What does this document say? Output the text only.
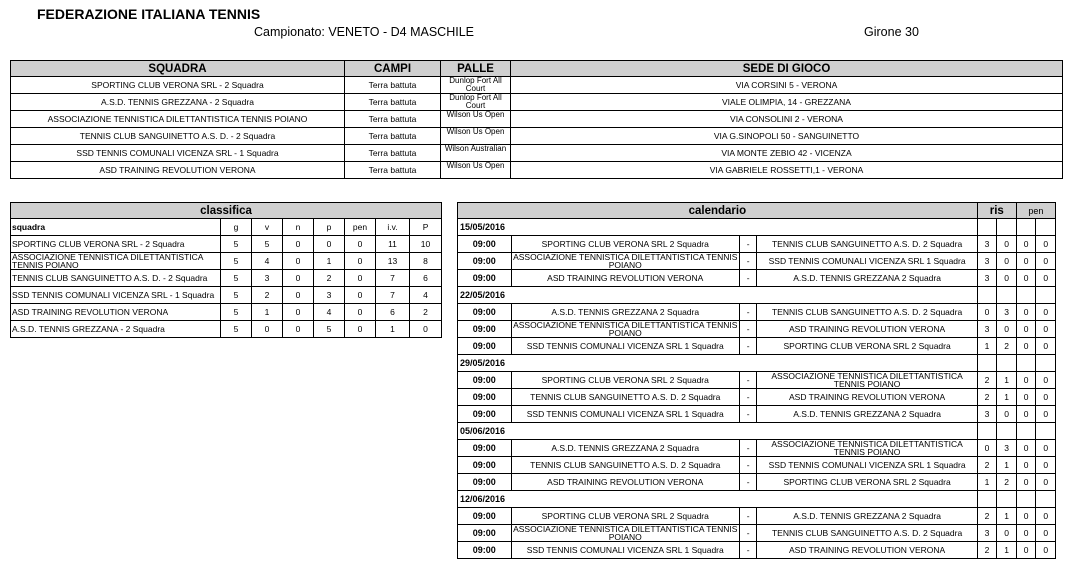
FEDERAZIONE ITALIANA TENNIS
Campionato: VENETO - D4 MASCHILE	Girone 30
SQUADRA	CAMPI	PALLE	SEDE DI GIOCO
SPORTING CLUB VERONA SRL - 2 Squadra	Terra battuta	Dunlop Fort All Court	VIA CORSINI 5 - VERONA
A.S.D. TENNIS GREZZANA - 2 Squadra	Terra battuta	Dunlop Fort All Court	VIALE OLIMPIA, 14 - GREZZANA
ASSOCIAZIONE TENNISTICA DILETTANTISTICA TENNIS POIANO	Terra battuta	Wilson Us Open	VIA CONSOLINI 2 - VERONA
TENNIS CLUB SANGUINETTO A.S. D. - 2 Squadra	Terra battuta	Wilson Us Open	VIA G.SINOPOLI 50 - SANGUINETTO
SSD TENNIS COMUNALI VICENZA SRL - 1 Squadra	Terra battuta	Wilson Australian	VIA MONTE ZEBIO 42 - VICENZA
ASD TRAINING REVOLUTION VERONA	Terra battuta	Wilson Us Open	VIA GABRIELE ROSSETTI,1 - VERONA
classifica							
squadra	g	v	n	p	pen	i.v.	P
SPORTING CLUB VERONA SRL - 2 Squadra	5	5	0	0	0	11	10
ASSOCIAZIONE TENNISTICA DILETTANTISTICA TENNIS POIANO	5	4	0	1	0	13	8
TENNIS CLUB SANGUINETTO A.S. D. - 2 Squadra	5	3	0	2	0	7	6
SSD TENNIS COMUNALI VICENZA SRL - 1 Squadra	5	2	0	3	0	7	4
ASD TRAINING REVOLUTION VERONA	5	1	0	4	0	6	2
A.S.D. TENNIS GREZZANA - 2 Squadra	5	0	0	5	0	1	0
calendario				ris		pen	
15/05/2016							
09:00	SPORTING CLUB VERONA SRL 2 Squadra	-	TENNIS CLUB SANGUINETTO A.S. D. 2 Squadra	3	0	0	0
09:00	ASSOCIAZIONE TENNISTICA DILETTANTISTICA TENNIS POIANO	-	SSD TENNIS COMUNALI VICENZA SRL 1 Squadra	3	0	0	0
09:00	ASD TRAINING REVOLUTION VERONA	-	A.S.D. TENNIS GREZZANA 2 Squadra	3	0	0	0
22/05/2016							
09:00	A.S.D. TENNIS GREZZANA 2 Squadra	-	TENNIS CLUB SANGUINETTO A.S. D. 2 Squadra	0	3	0	0
09:00	ASSOCIAZIONE TENNISTICA DILETTANTISTICA TENNIS POIANO	-	ASD TRAINING REVOLUTION VERONA	3	0	0	0
09:00	SSD TENNIS COMUNALI VICENZA SRL 1 Squadra	-	SPORTING CLUB VERONA SRL 2 Squadra	1	2	0	0
29/05/2016							
09:00	SPORTING CLUB VERONA SRL 2 Squadra	-	ASSOCIAZIONE TENNISTICA DILETTANTISTICA TENNIS POIANO	2	1	0	0
09:00	TENNIS CLUB SANGUINETTO A.S. D. 2 Squadra	-	ASD TRAINING REVOLUTION VERONA	2	1	0	0
09:00	SSD TENNIS COMUNALI VICENZA SRL 1 Squadra	-	A.S.D. TENNIS GREZZANA 2 Squadra	3	0	0	0
05/06/2016							
09:00	A.S.D. TENNIS GREZZANA 2 Squadra	-	ASSOCIAZIONE TENNISTICA DILETTANTISTICA TENNIS POIANO	0	3	0	0
09:00	TENNIS CLUB SANGUINETTO A.S. D. 2 Squadra	-	SSD TENNIS COMUNALI VICENZA SRL 1 Squadra	2	1	0	0
09:00	ASD TRAINING REVOLUTION VERONA	-	SPORTING CLUB VERONA SRL 2 Squadra	1	2	0	0
12/06/2016							
09:00	SPORTING CLUB VERONA SRL 2 Squadra	-	A.S.D. TENNIS GREZZANA 2 Squadra	2	1	0	0
09:00	ASSOCIAZIONE TENNISTICA DILETTANTISTICA TENNIS POIANO	-	TENNIS CLUB SANGUINETTO A.S. D. 2 Squadra	3	0	0	0
09:00	SSD TENNIS COMUNALI VICENZA SRL 1 Squadra	-	ASD TRAINING REVOLUTION VERONA	2	1	0	0
